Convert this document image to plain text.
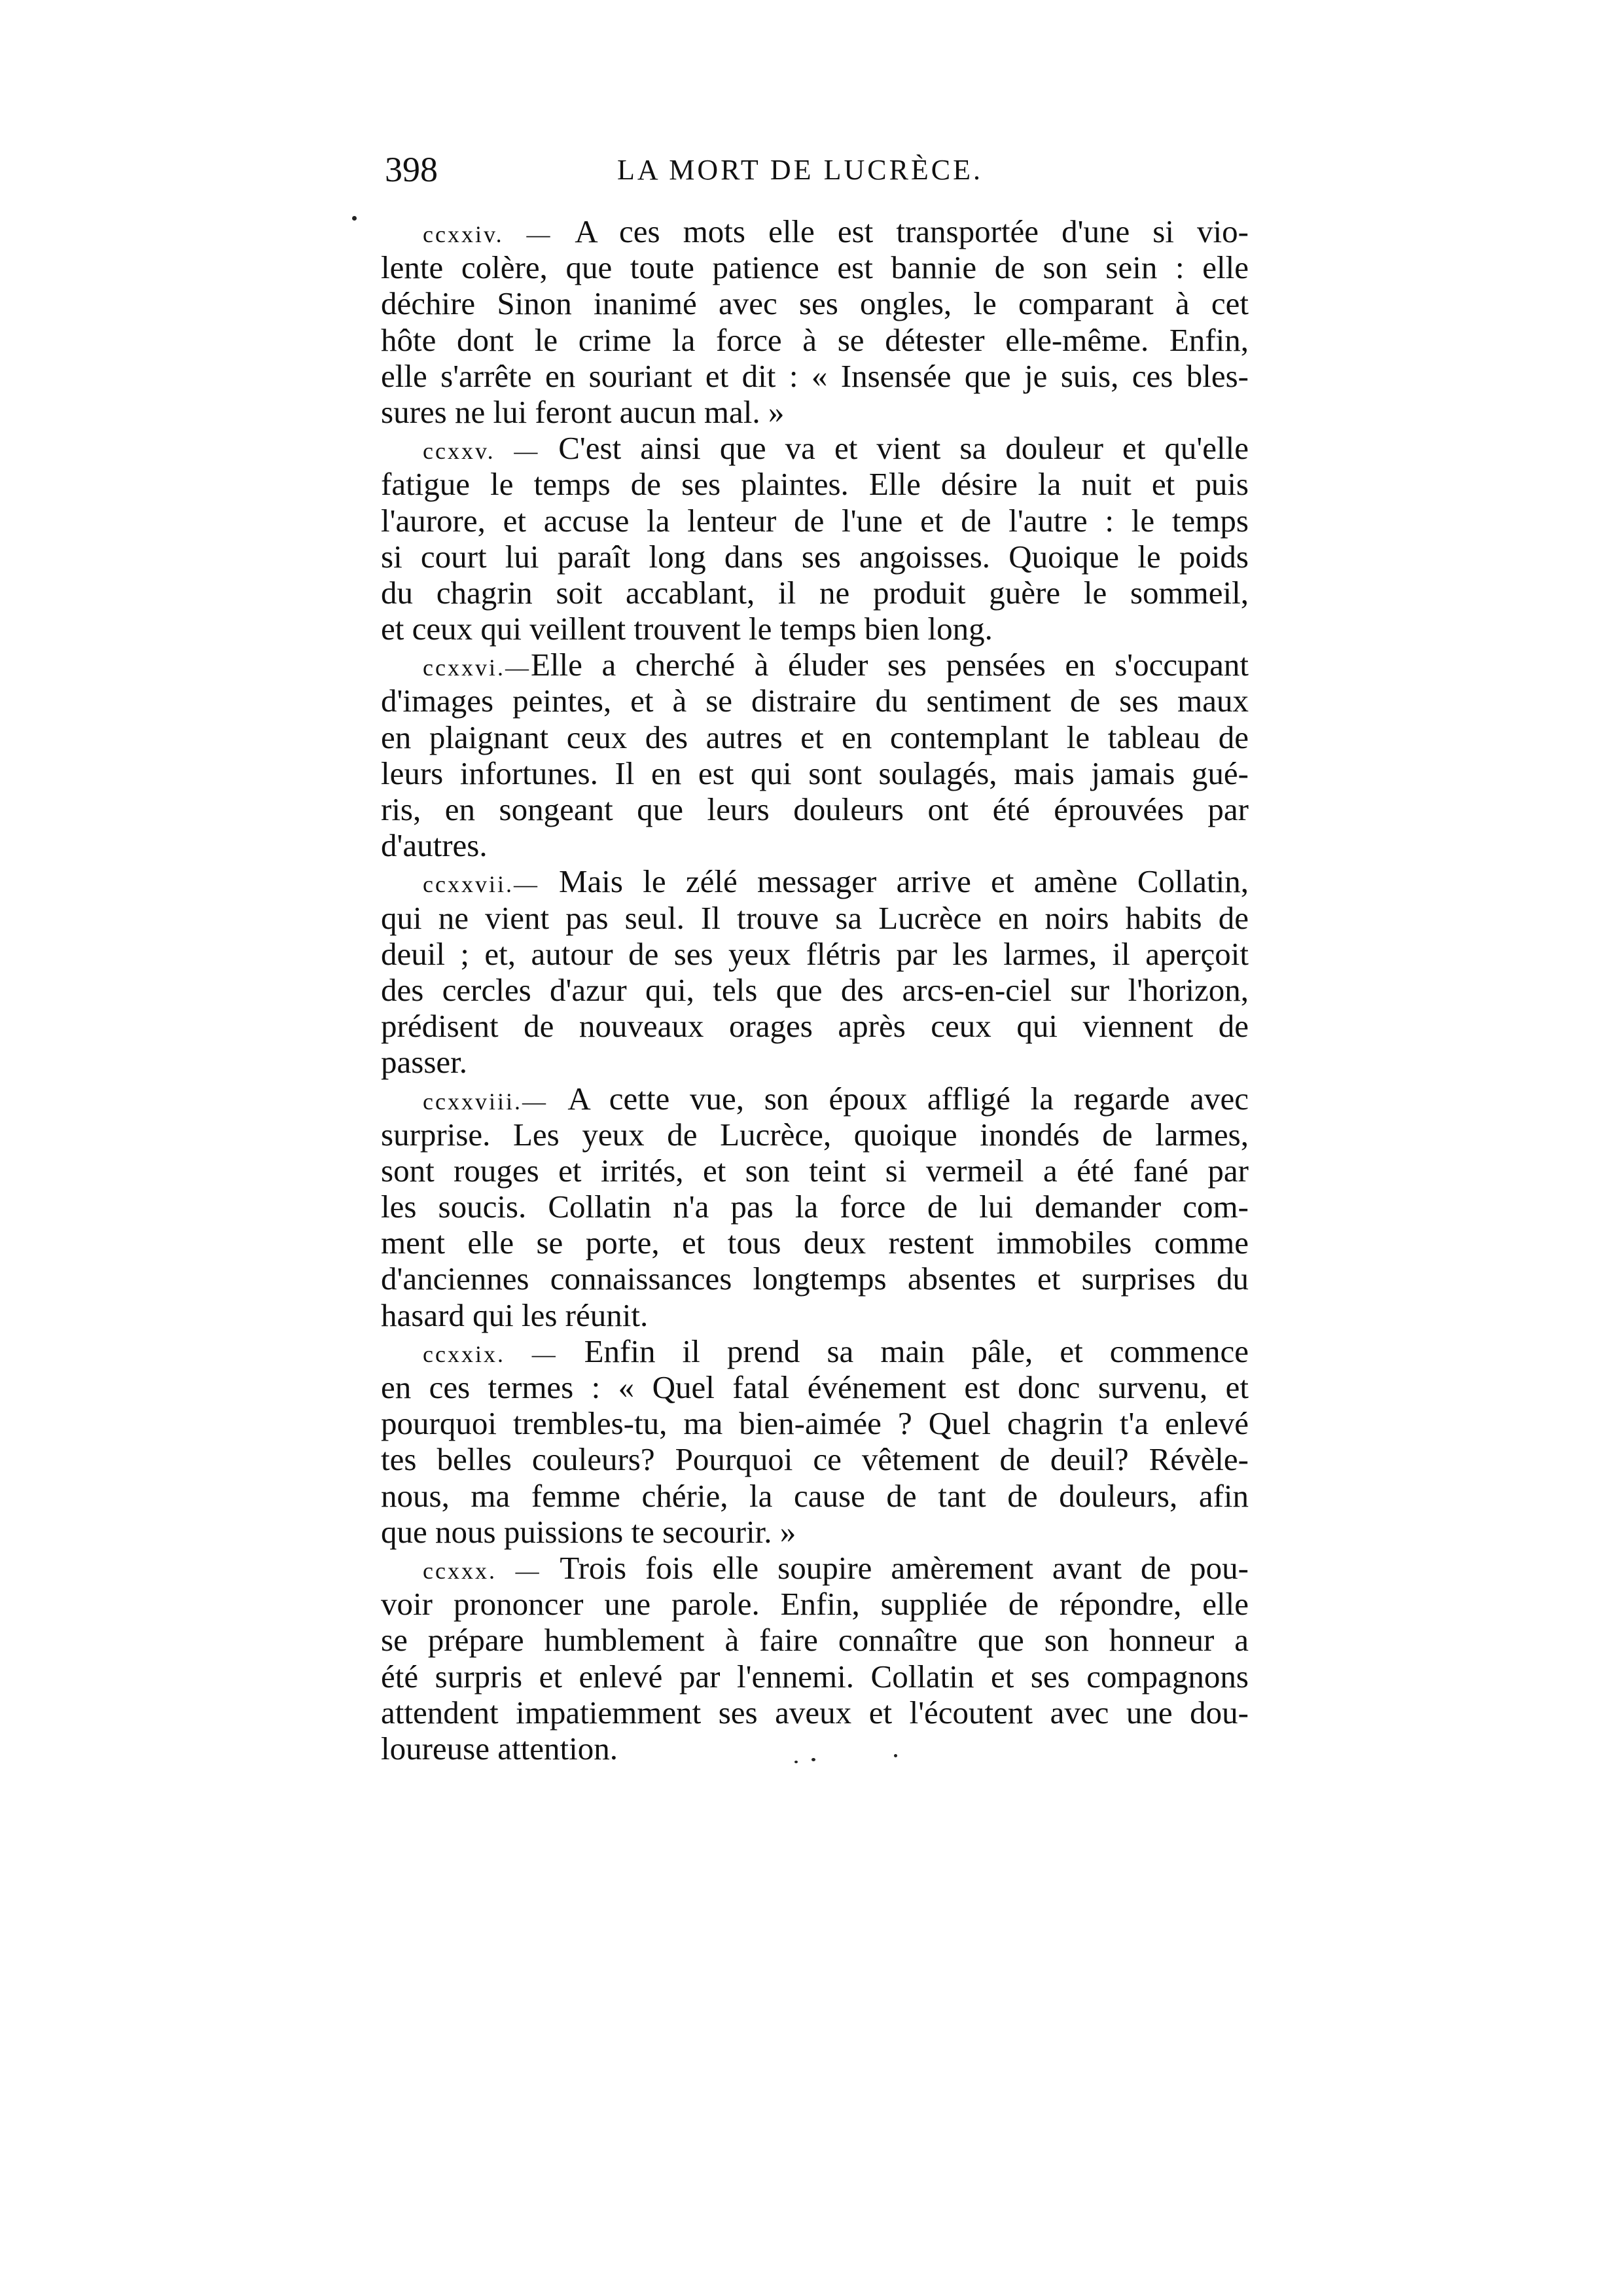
398	LA MORT DE LUCRÈCE.
ccxxiv. — A ces mots elle est transportée d'une si vio-
lente colère, que toute patience est bannie de son sein : elle
déchire Sinon inanimé avec ses ongles, le comparant à cet
hôte dont le crime la force à se détester elle-même. Enfin,
elle s'arrête en souriant et dit : « Insensée que je suis, ces bles-
sures ne lui feront aucun mal. »
ccxxv. — C'est ainsi que va et vient sa douleur et qu'elle
fatigue le temps de ses plaintes. Elle désire la nuit et puis
l'aurore, et accuse la lenteur de l'une et de l'autre : le temps
si court lui paraît long dans ses angoisses. Quoique le poids
du chagrin soit accablant, il ne produit guère le sommeil,
et ceux qui veillent trouvent le temps bien long.
ccxxvi.—Elle a cherché à éluder ses pensées en s'occupant
d'images peintes, et à se distraire du sentiment de ses maux
en plaignant ceux des autres et en contemplant le tableau de
leurs infortunes. Il en est qui sont soulagés, mais jamais gué-
ris, en songeant que leurs douleurs ont été éprouvées par
d'autres.
ccxxvii.— Mais le zélé messager arrive et amène Collatin,
qui ne vient pas seul. Il trouve sa Lucrèce en noirs habits de
deuil ; et, autour de ses yeux flétris par les larmes, il aperçoit
des cercles d'azur qui, tels que des arcs-en-ciel sur l'horizon,
prédisent de nouveaux orages après ceux qui viennent de
passer.
ccxxviii.— A cette vue, son époux affligé la regarde avec
surprise. Les yeux de Lucrèce, quoique inondés de larmes,
sont rouges et irrités, et son teint si vermeil a été fané par
les soucis. Collatin n'a pas la force de lui demander com-
ment elle se porte, et tous deux restent immobiles comme
d'anciennes connaissances longtemps absentes et surprises du
hasard qui les réunit.
ccxxix. — Enfin il prend sa main pâle, et commence
en ces termes : « Quel fatal événement est donc survenu, et
pourquoi trembles-tu, ma bien-aimée ? Quel chagrin t'a enlevé
tes belles couleurs? Pourquoi ce vêtement de deuil? Révèle-
nous, ma femme chérie, la cause de tant de douleurs, afin
que nous puissions te secourir. »
ccxxx. — Trois fois elle soupire amèrement avant de pou-
voir prononcer une parole. Enfin, suppliée de répondre, elle
se prépare humblement à faire connaître que son honneur a
été surpris et enlevé par l'ennemi. Collatin et ses compagnons
attendent impatiemment ses aveux et l'écoutent avec une dou-
loureuse attention.
